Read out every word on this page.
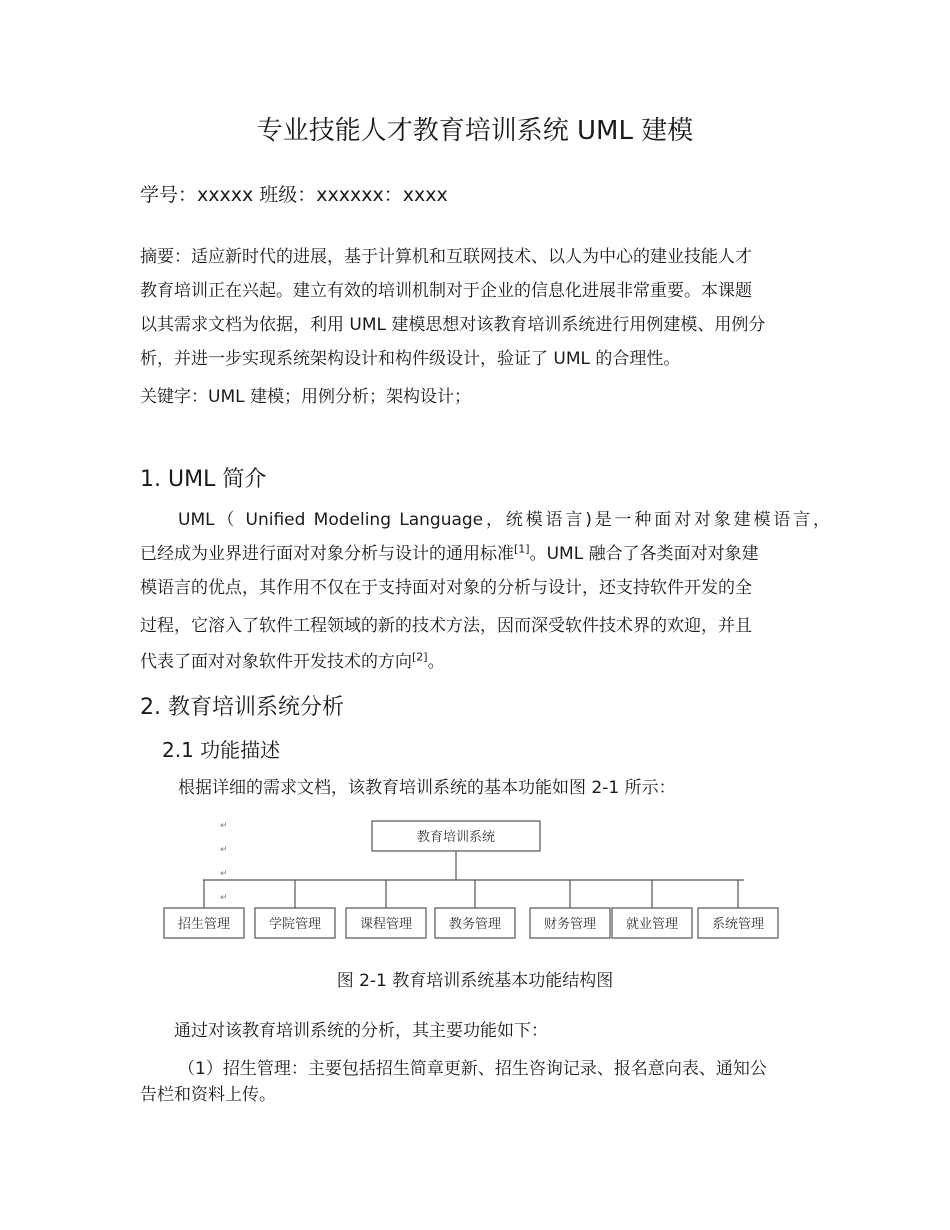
专业技能人才教育培训系统 UML 建模
学号：xxxxx 班级：xxxxxx：xxxx
摘要：适应新时代的进展，基于计算机和互联网技术、以人为中心的建业技能人才
教育培训正在兴起。建立有效的培训机制对于企业的信息化进展非常重要。本课题
以其需求文档为依据，利用 UML 建模思想对该教育培训系统进行用例建模、用例分
析，并进一步实现系统架构设计和构件级设计，验证了 UML 的合理性。
关键字：UML 建模；用例分析；架构设计；
1. UML 简介
UML（ Unified Modeling Language，统模语言)是一种面对对象建模语言，
已经成为业界进行面对对象分析与设计的通用标准[1]。UML 融合了各类面对对象建
模语言的优点，其作用不仅在于支持面对对象的分析与设计，还支持软件开发的全
过程，它溶入了软件工程领域的新的技术方法，因而深受软件技术界的欢迎，并且
代表了面对对象软件开发技术的方向[2]。
2. 教育培训系统分析
2.1 功能描述
根据详细的需求文档，该教育培训系统的基本功能如图 2-1 所示：
↵
↵
↵
↵
教育培训系统
招生管理	学院管理	课程管理	教务管理	财务管理 就业管理	系统管理
图 2-1 教育培训系统基本功能结构图
通过对该教育培训系统的分析，其主要功能如下：
（1）招生管理：主要包括招生简章更新、招生咨询记录、报名意向表、通知公
告栏和资料上传。
